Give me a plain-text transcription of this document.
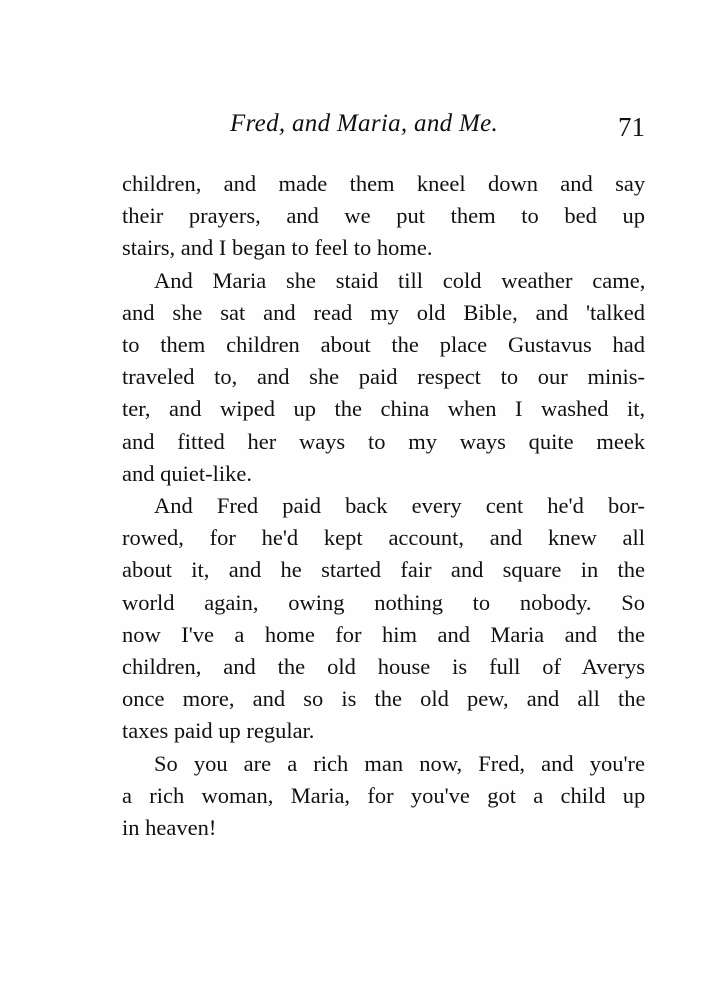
Fred, and Maria, and Me.	71

children, and made them kneel down and say
their prayers, and we put them to bed up
stairs, and I began to feel to home.

And Maria she staid till cold weather came,
and she sat and read my old Bible, and 'talked
to them children about the place Gustavus had
traveled to, and she paid respect to our minis-
ter, and wiped up the china when I washed it,
and fitted her ways to my ways quite meek
and quiet-like.

And Fred paid back every cent he'd bor-
rowed, for he'd kept account, and knew all
about it, and he started fair and square in the
world again, owing nothing to nobody. So
now I've a home for him and Maria and the
children, and the old house is full of Averys
once more, and so is the old pew, and all the
taxes paid up regular.

So you are a rich man now, Fred, and you're
a rich woman, Maria, for you've got a child up
in heaven!
